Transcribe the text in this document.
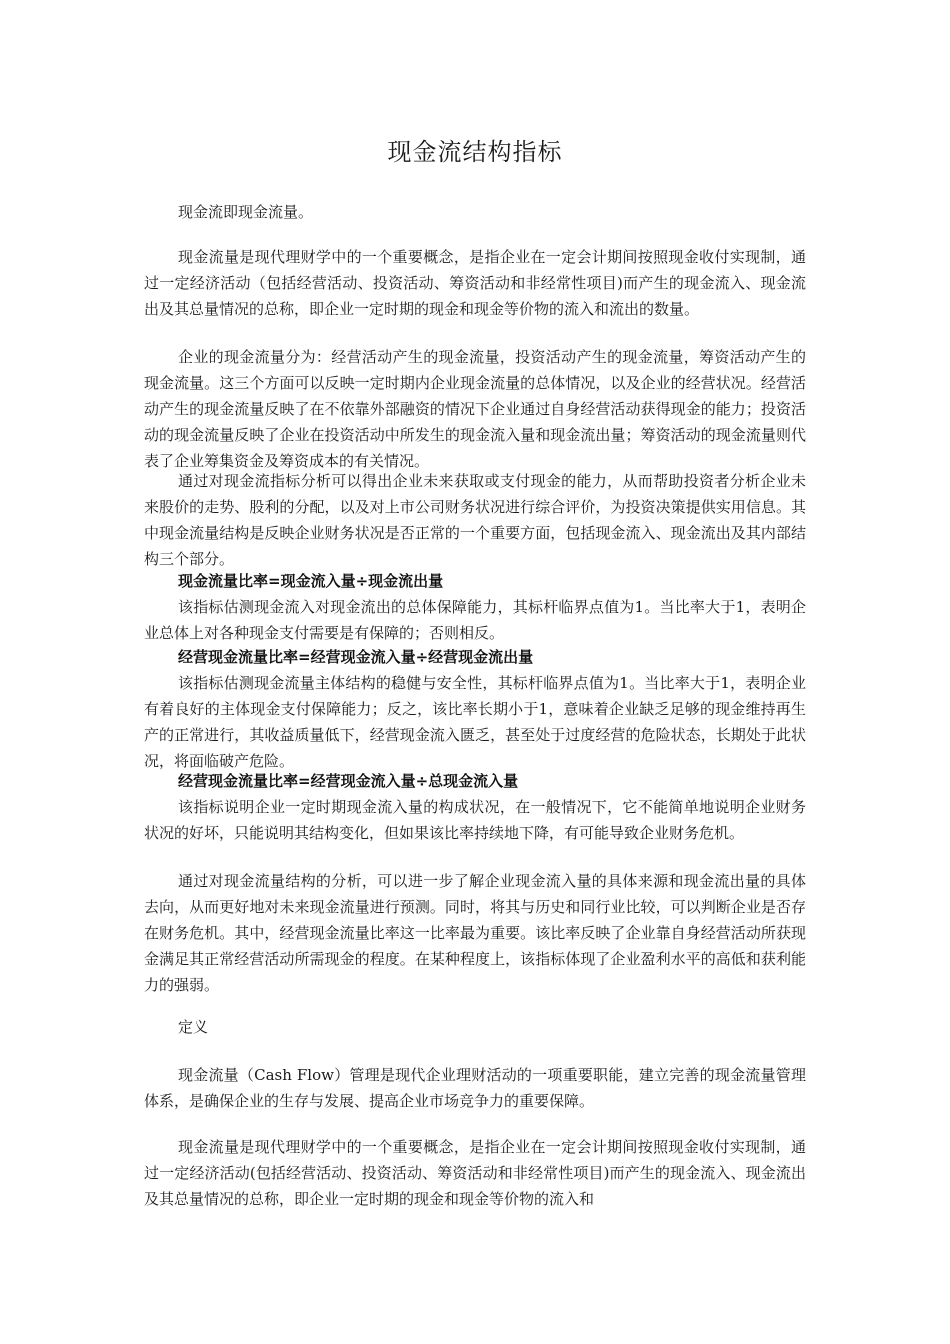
现金流结构指标

现金流即现金流量。

现金流量是现代理财学中的一个重要概念，是指企业在一定会计期间按照现金收付实现制，通过一定经济活动（包括经营活动、投资活动、筹资活动和非经常性项目)而产生的现金流入、现金流出及其总量情况的总称，即企业一定时期的现金和现金等价物的流入和流出的数量。

企业的现金流量分为：经营活动产生的现金流量，投资活动产生的现金流量，筹资活动产生的现金流量。这三个方面可以反映一定时期内企业现金流量的总体情况，以及企业的经营状况。经营活动产生的现金流量反映了在不依靠外部融资的情况下企业通过自身经营活动获得现金的能力；投资活动的现金流量反映了企业在投资活动中所发生的现金流入量和现金流出量；筹资活动的现金流量则代表了企业筹集资金及筹资成本的有关情况。

通过对现金流指标分析可以得出企业未来获取或支付现金的能力，从而帮助投资者分析企业未来股价的走势、股利的分配，以及对上市公司财务状况进行综合评价，为投资决策提供实用信息。其中现金流量结构是反映企业财务状况是否正常的一个重要方面，包括现金流入、现金流出及其内部结构三个部分。

现金流量比率=现金流入量÷现金流出量

该指标估测现金流入对现金流出的总体保障能力，其标杆临界点值为1。当比率大于1，表明企业总体上对各种现金支付需要是有保障的；否则相反。

经营现金流量比率=经营现金流入量÷经营现金流出量

该指标估测现金流量主体结构的稳健与安全性，其标杆临界点值为1。当比率大于1，表明企业有着良好的主体现金支付保障能力；反之，该比率长期小于1，意味着企业缺乏足够的现金维持再生产的正常进行，其收益质量低下，经营现金流入匮乏，甚至处于过度经营的危险状态，长期处于此状况，将面临破产危险。

经营现金流量比率=经营现金流入量÷总现金流入量

该指标说明企业一定时期现金流入量的构成状况，在一般情况下，它不能简单地说明企业财务状况的好坏，只能说明其结构变化，但如果该比率持续地下降，有可能导致企业财务危机。

通过对现金流量结构的分析，可以进一步了解企业现金流入量的具体来源和现金流出量的具体去向，从而更好地对未来现金流量进行预测。同时，将其与历史和同行业比较，可以判断企业是否存在财务危机。其中，经营现金流量比率这一比率最为重要。该比率反映了企业靠自身经营活动所获现金满足其正常经营活动所需现金的程度。在某种程度上，该指标体现了企业盈利水平的高低和获利能力的强弱。

定义

现金流量（Cash Flow）管理是现代企业理财活动的一项重要职能，建立完善的现金流量管理体系，是确保企业的生存与发展、提高企业市场竞争力的重要保障。

现金流量是现代理财学中的一个重要概念，是指企业在一定会计期间按照现金收付实现制，通过一定经济活动(包括经营活动、投资活动、筹资活动和非经常性项目)而产生的现金流入、现金流出及其总量情况的总称，即企业一定时期的现金和现金等价物的流入和
